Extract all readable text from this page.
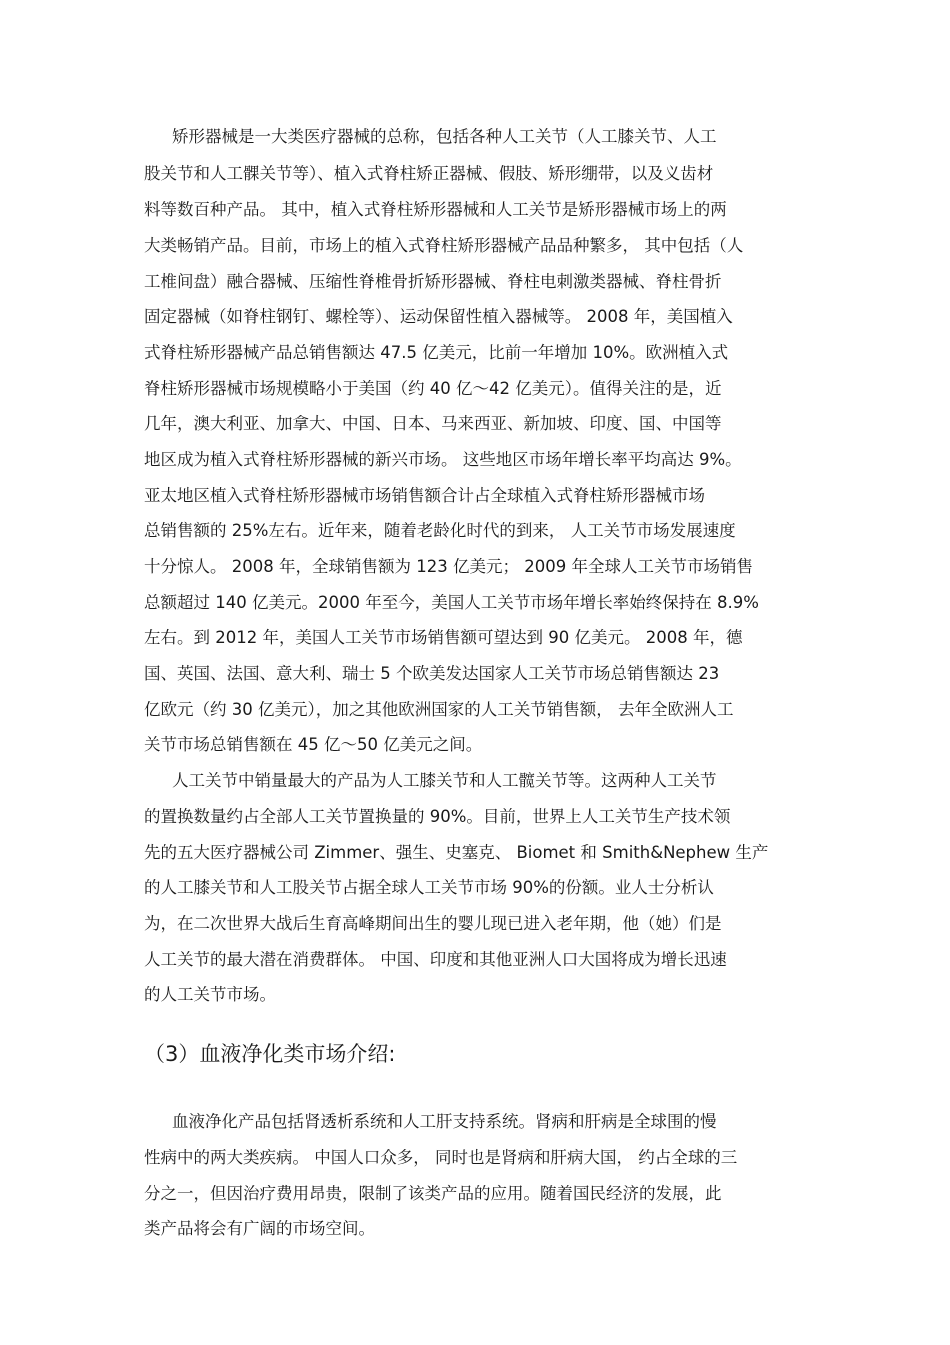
矫形器械是一大类医疗器械的总称，包括各种人工关节（人工膝关节、人工
股关节和人工髁关节等）、植入式脊柱矫正器械、假肢、矫形绷带，以及义齿材
料等数百种产品。 其中，植入式脊柱矫形器械和人工关节是矫形器械市场上的两
大类畅销产品。目前，市场上的植入式脊柱矫形器械产品品种繁多， 其中包括（人
工椎间盘）融合器械、压缩性脊椎骨折矫形器械、脊柱电刺激类器械、脊柱骨折
固定器械（如脊柱钢钉、螺栓等）、运动保留性植入器械等。 2008 年，美国植入
式脊柱矫形器械产品总销售额达 47.5 亿美元，比前一年增加 10%。欧洲植入式
脊柱矫形器械市场规模略小于美国（约 40 亿～42 亿美元）。值得关注的是，近
几年，澳大利亚、加拿大、中国、日本、马来西亚、新加坡、印度、国、中国等
地区成为植入式脊柱矫形器械的新兴市场。 这些地区市场年增长率平均高达 9%。
亚太地区植入式脊柱矫形器械市场销售额合计占全球植入式脊柱矫形器械市场
总销售额的 25%左右。近年来，随着老龄化时代的到来， 人工关节市场发展速度
十分惊人。 2008 年，全球销售额为 123 亿美元； 2009 年全球人工关节市场销售
总额超过 140 亿美元。2000 年至今，美国人工关节市场年增长率始终保持在 8.9%
左右。到 2012 年，美国人工关节市场销售额可望达到 90 亿美元。 2008 年，德
国、英国、法国、意大利、瑞士 5 个欧美发达国家人工关节市场总销售额达 23
亿欧元（约 30 亿美元），加之其他欧洲国家的人工关节销售额， 去年全欧洲人工
关节市场总销售额在 45 亿～50 亿美元之间。
人工关节中销量最大的产品为人工膝关节和人工髋关节等。这两种人工关节
的置换数量约占全部人工关节置换量的 90%。目前，世界上人工关节生产技术领
先的五大医疗器械公司 Zimmer、强生、史塞克、 Biomet 和 Smith&Nephew 生产
的人工膝关节和人工股关节占据全球人工关节市场 90%的份额。业人士分析认
为，在二次世界大战后生育高峰期间出生的婴儿现已进入老年期，他（她）们是
人工关节的最大潜在消费群体。 中国、印度和其他亚洲人口大国将成为增长迅速
的人工关节市场。
（3）血液净化类市场介绍:
血液净化产品包括肾透析系统和人工肝支持系统。肾病和肝病是全球围的慢
性病中的两大类疾病。 中国人口众多， 同时也是肾病和肝病大国， 约占全球的三
分之一，但因治疗费用昂贵，限制了该类产品的应用。随着国民经济的发展，此
类产品将会有广阔的市场空间。
